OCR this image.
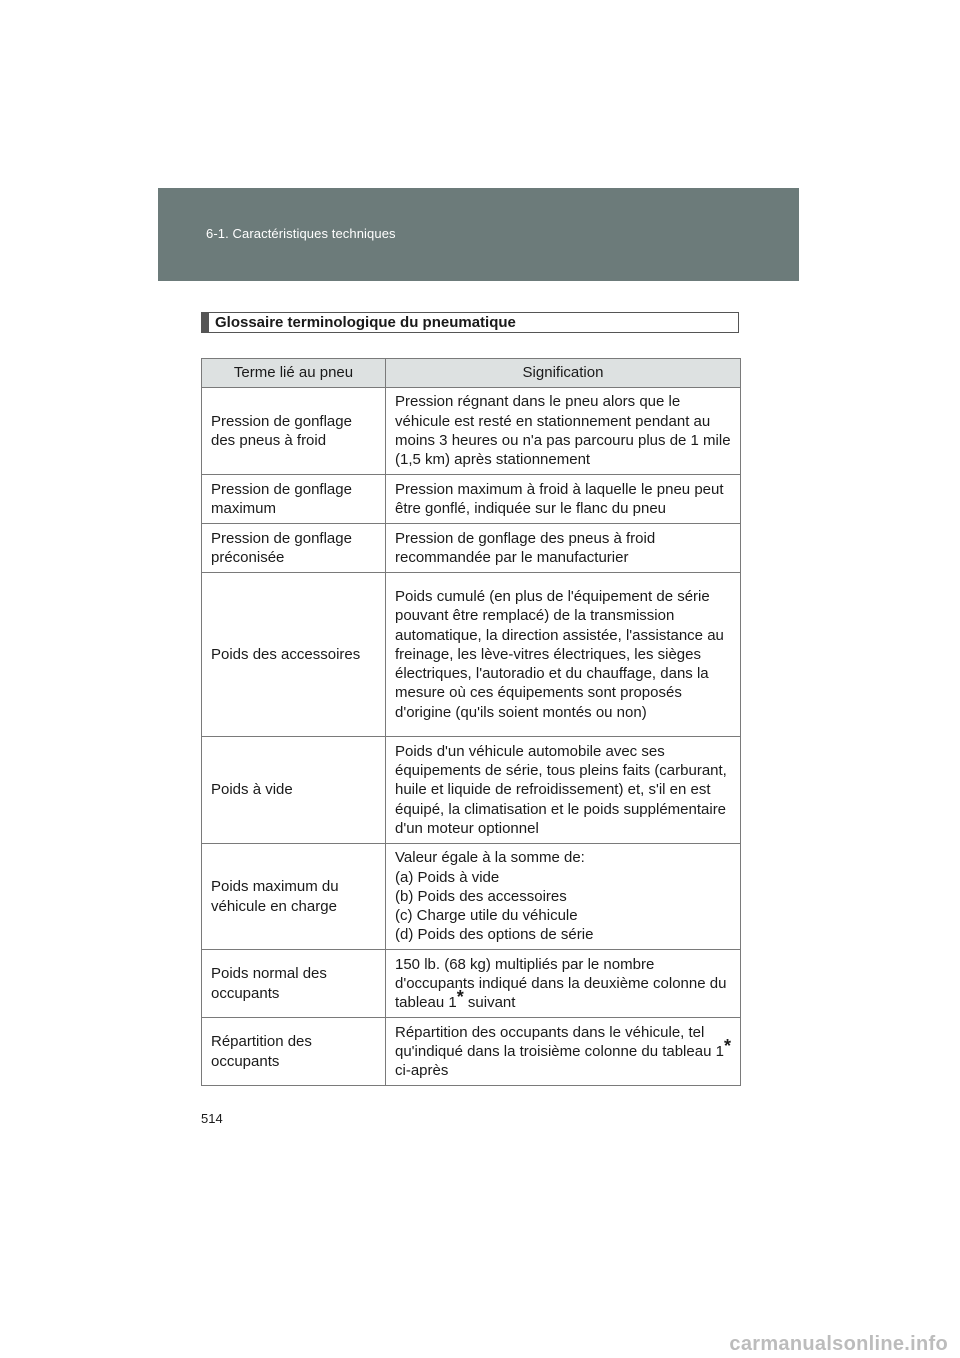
6-1. Caractéristiques techniques
Glossaire terminologique du pneumatique
Terme lié au pneu	Signification
Pression de gonflage des pneus à froid	Pression régnant dans le pneu alors que le véhicule est resté en stationnement pendant au moins 3 heures ou n'a pas parcouru plus de 1 mile (1,5 km) après stationnement
Pression de gonflage maximum	Pression maximum à froid à laquelle le pneu peut être gonflé, indiquée sur le flanc du pneu
Pression de gonflage préconisée	Pression de gonflage des pneus à froid recommandée par le manufacturier
Poids des accessoires	Poids cumulé (en plus de l'équipement de série pouvant être remplacé) de la transmission automatique, la direction assistée, l'assistance au freinage, les lève-vitres électriques, les sièges électriques, l'autoradio et du chauffage, dans la mesure où ces équipements sont proposés d'origine (qu'ils soient montés ou non)
Poids à vide	Poids d'un véhicule automobile avec ses équipements de série, tous pleins faits (carburant, huile et liquide de refroidissement) et, s'il en est équipé, la climatisation et le poids supplémentaire d'un moteur optionnel
Poids maximum du véhicule en charge	Valeur égale à la somme de:
(a) Poids à vide
(b) Poids des accessoires
(c) Charge utile du véhicule
(d) Poids des options de série

Poids normal des occupants	150 lb. (68 kg) multipliés par le nombre d'occupants indiqué dans la deuxième colonne du tableau 1* suivant
Répartition des occupants	Répartition des occupants dans le véhicule, tel qu'indiqué dans la troisième colonne du tableau 1* ci-après
514
carmanualsonline.info
